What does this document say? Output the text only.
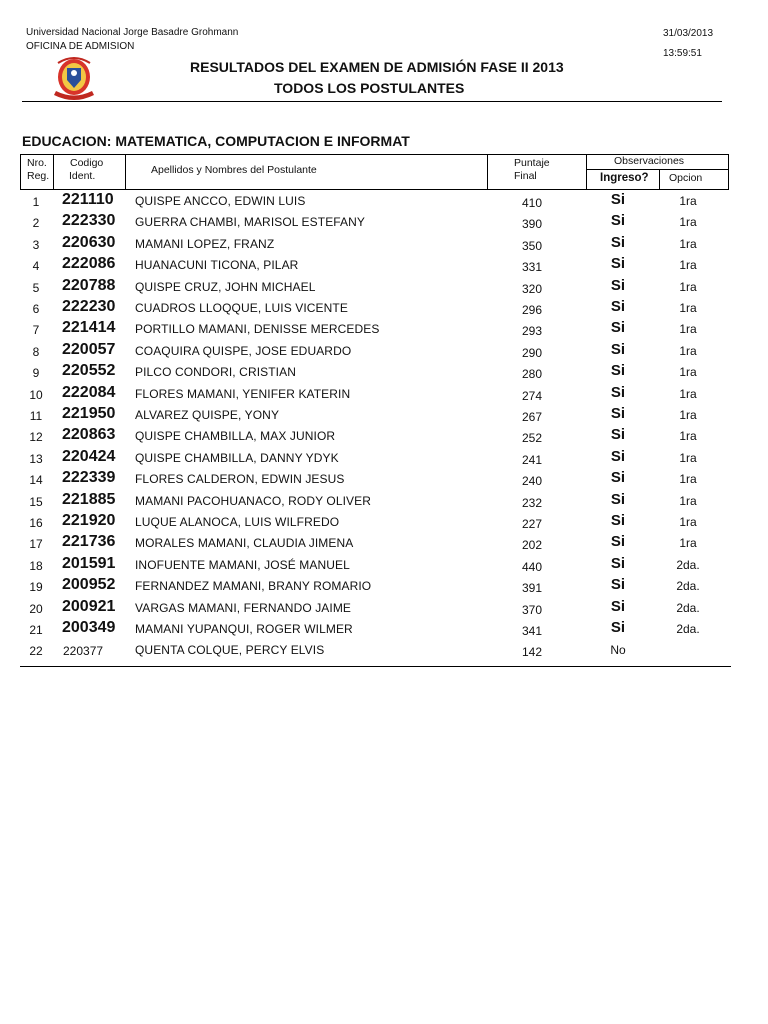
Universidad Nacional Jorge Basadre Grohmann
OFICINA DE ADMISION
31/03/2013
13:59:51
RESULTADOS DEL EXAMEN DE ADMISIÓN FASE II 2013
TODOS LOS POSTULANTES
EDUCACION: MATEMATICA, COMPUTACION E INFORMAT
Nro.
Reg.
Codigo
Ident.	Apellidos y Nombres del Postulante
Puntaje
Final
Observaciones
Ingreso? Opcion
1	221110 QUISPE ANCCO, EDWIN LUIS	410	Si	1ra
2	222330 GUERRA CHAMBI, MARISOL ESTEFANY	390	Si	1ra
3	220630 MAMANI LOPEZ, FRANZ	350	Si	1ra
4	222086 HUANACUNI TICONA, PILAR	331	Si	1ra
5	220788 QUISPE CRUZ, JOHN MICHAEL	320	Si	1ra
6	222230 CUADROS LLOQQUE, LUIS VICENTE	296	Si	1ra
7	221414 PORTILLO MAMANI, DENISSE MERCEDES	293	Si	1ra
8	220057 COAQUIRA QUISPE, JOSE EDUARDO	290	Si	1ra
9	220552 PILCO CONDORI, CRISTIAN	280	Si	1ra
10	222084 FLORES MAMANI, YENIFER KATERIN	274	Si	1ra
11	221950 ALVAREZ QUISPE, YONY	267	Si	1ra
12	220863 QUISPE CHAMBILLA, MAX JUNIOR	252	Si	1ra
13	220424 QUISPE CHAMBILLA, DANNY YDYK	241	Si	1ra
14	222339 FLORES CALDERON, EDWIN JESUS	240	Si	1ra
15	221885 MAMANI PACOHUANACO, RODY OLIVER	232	Si	1ra
16	221920 LUQUE ALANOCA, LUIS WILFREDO	227	Si	1ra
17	221736 MORALES MAMANI, CLAUDIA JIMENA	202	Si	1ra
18	201591 INOFUENTE MAMANI, JOSÉ MANUEL	440	Si	2da.
19	200952 FERNANDEZ MAMANI, BRANY ROMARIO	391	Si	2da.
20	200921 VARGAS MAMANI, FERNANDO JAIME	370	Si	2da.
21	200349 MAMANI YUPANQUI, ROGER WILMER	341	Si	2da.
22	220377	QUENTA COLQUE, PERCY ELVIS	142	No
